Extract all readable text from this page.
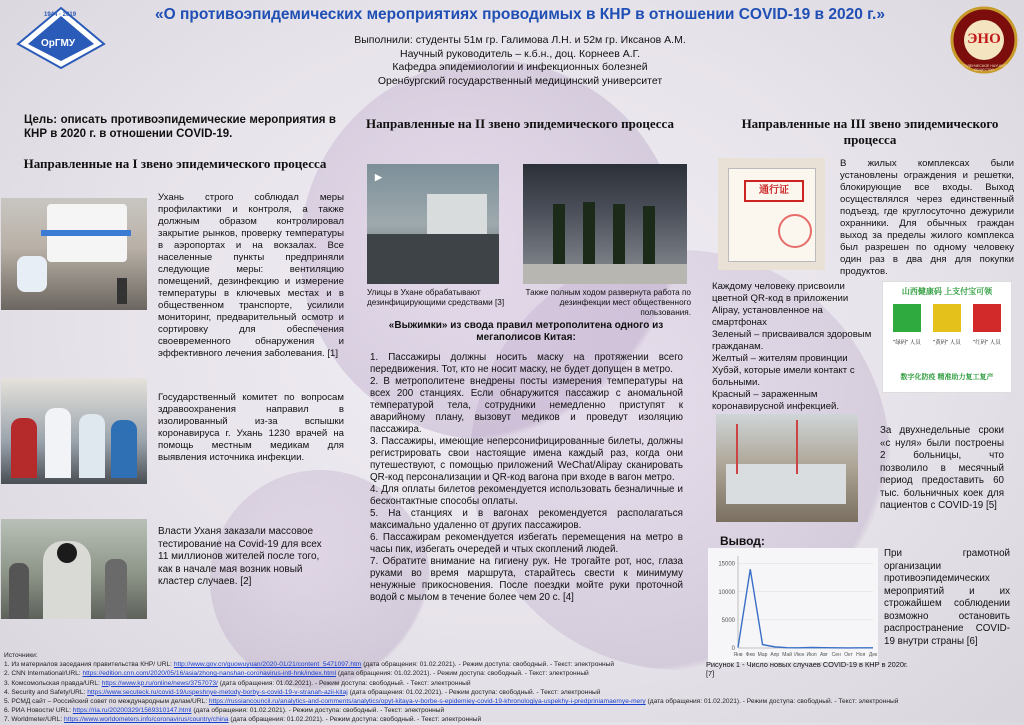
1944 · 2019
ОрГМУ
«О противоэпидемических мероприятиях проводимых в КНР в отношении COVID-19 в 2020 г.»
Выполнили: студенты 51м гр. Галимова Л.Н. и 52м гр. Иксанов А.М.
Научный руководитель – к.б.н., доц. Корнеев А.Г.
Кафедра эпидемиологии и инфекционных болезней
Оренбургский государственный медицинский университет
ЭНО
СТУДЕНЧЕСКОЕ НАУЧНОЕ ОБЩЕСТВО
Цель: описать противоэпидемические мероприятия в КНР в 2020 г. в отношении COVID-19.
Направленные на I звено эпидемического процесса
Ухань строго соблюдал меры профилактики и контроля, а также должным образом контролировал закрытие рынков, проверку температуры в аэропортах и на вокзалах. Все населенные пункты предприняли следующие меры: вентиляцию помещений, дезинфекцию и измерение температуры в ключевых местах и в общественном транспорте, усилили мониторинг, предварительный осмотр и сортировку для обеспечения своевременного обнаружения и эффективного лечения заболевания. [1]
Государственный комитет по вопросам здравоохранения направил в изолированный из-за вспышки коронавируса г. Ухань 1230 врачей на помощь местным медикам для выявления источника инфекции.
Власти Уханя заказали массовое тестирование на Covid-19 для всех 11 миллионов жителей после того, как в начале мая возник новый кластер случаев. [2]
Направленные на II звено эпидемического процесса
▶
Улицы в Ухане обрабатывают дезинфицирующими средствами [3]
Также полным ходом развернута работа по дезинфекции мест общественного пользования.
«Выжимки» из свода правил метрополитена одного из мегаполисов Китая:
1. Пассажиры должны носить маску на протяжении всего передвижения. Тот, кто не носит маску, не будет допущен в метро.
2. В метрополитене внедрены посты измерения температуры на всех 200 станциях. Если обнаружится пассажир с аномальной температурой тела, сотрудники немедленно приступят к аварийному плану, вызовут медиков и проведут изоляцию пассажира.
3. Пассажиры, имеющие неперсонифицированные билеты, должны регистрировать свои настоящие имена каждый раз, когда они путешествуют, с помощью приложений WeChat/Alipay сканировать QR-код персонализации и QR-код вагона при входе в вагон метро.
4. Для оплаты билетов рекомендуется использовать безналичные и бесконтактные способы оплаты.
5. На станциях и в вагонах рекомендуется располагаться максимально удаленно от других пассажиров.
6. Пассажирам рекомендуется избегать перемещения на метро в часы пик, избегать очередей и чтых скоплений людей.
7. Обратите внимание на гигиену рук. Не трогайте рот, нос, глаза руками во время маршрута, старайтесь свести к минимуму ненужные прикосновения. После поездки мойте руки проточной водой с мылом в течение более чем 20 с. [4]
Направленные на III звено эпидемического процесса
通行证
В жилых комплексах были установлены ограждения и решетки, блокирующие все входы. Выход осуществлялся через единственный подъезд, где круглосуточно дежурили охранники. Для обычных граждан выход за пределы жилого комплекса был разрешен по одному человеку один раз в два дня для покупки продуктов.
Каждому человеку присвоили цветной QR-код в приложении Alipay, установленное на смартфонах
Зеленый – присваивался здоровым гражданам.
Желтый – жителям провинции Хубэй, которые имели контакт с больными.
Красный – зараженным коронавирусной инфекцией.
山西健康码 上支付宝可领
"绿码" 人员	"黄码" 人员	"红码" 人员
数字化防疫 精准助力复工复产
За двухнедельные сроки «с нуля» были построены 2 больницы, что позволило в месячный период предоставить 60 тыс. больничных коек для пациентов с COVID-19 [5]
Вывод:
15000
10000
5000
0
Янв Фев Мар Апр Май Июн Июл Авг Сен Окт Ноя Дек
Рисунок 1 - Число новых случаев COVID-19 в КНР в 2020г. [7]
При грамотной организации противоэпидемических мероприятий и их строжайшем соблюдении возможно остановить распространение COVID-19 внутри страны [6]
Источники:
1. Из материалов заседания правительства КНР/ URL: http://www.gov.cn/guowuyuan/2020-01/21/content_5471097.htm (дата обращения: 01.02.2021). - Режим доступа: свободный. - Текст: электронный
2. CNN International/URL: https://edition.cnn.com/2020/05/16/asia/zhong-nanshan-coronavirus-intl-hnk/index.html (дата обращения: 01.02.2021). - Режим доступа: свободный. - Текст: электронный
3. Комсомольская правда/URL: https://www.kp.ru/online/news/3757073/ (дата обращения: 01.02.2021). - Режим доступа: свободный. - Текст: электронный
4. Security and Safety/URL: https://www.secuteck.ru/covid-19/uspeshnye-metody-borby-s-covid-19-v-stranah-azii-kitaj (дата обращения: 01.02.2021). - Режим доступа: свободный. - Текст: электронный
5. РСМД сайт – Российский совет по международным делам/URL: https://russiancouncil.ru/analytics-and-comments/analytics/opyt-kitaya-v-borbe-s-epidemiey-covid-19-khronologiya-uspekhy-i-predpriniamaemye-mery (дата обращения: 01.02.2021). - Режим доступа: свободный. - Текст: электронный
6. РИА Новости/ URL: https://ria.ru/20200329/1569310147.html (дата обращения: 01.02.2021). - Режим доступа: свободный. - Текст: электронный
7. Worldmeter/URL: https://www.worldometers.info/coronavirus/country/china (дата обращения: 01.02.2021). - Режим доступа: свободный. - Текст: электронный
